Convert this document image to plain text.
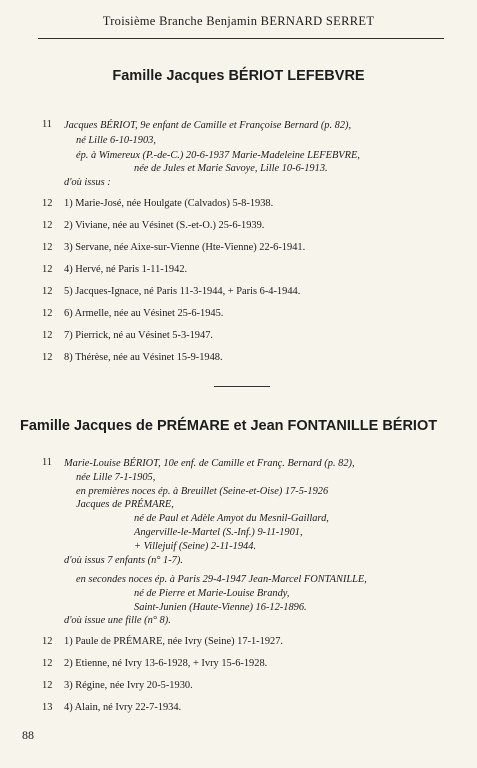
Troisième Branche Benjamin BERNARD SERRET
Famille Jacques BÉRIOT LEFEBVRE
11 Jacques BÉRIOT, 9e enfant de Camille et Françoise Bernard (p. 82),
né Lille 6-10-1903,
ép. à Wimereux (P.-de-C.) 20-6-1937 Marie-Madeleine LEFEBVRE,
née de Jules et Marie Savoye, Lille 10-6-1913.
d'où issus :
12 1) Marie-José, née Houlgate (Calvados) 5-8-1938.
12 2) Viviane, née au Vésinet (S.-et-O.) 25-6-1939.
12 3) Servane, née Aixe-sur-Vienne (Hte-Vienne) 22-6-1941.
12 4) Hervé, né Paris 1-11-1942.
12 5) Jacques-Ignace, né Paris 11-3-1944, + Paris 6-4-1944.
12 6) Armelle, née au Vésinet 25-6-1945.
12 7) Pierrick, né au Vésinet 5-3-1947.
12 8) Thérèse, née au Vésinet 15-9-1948.
Famille Jacques de PRÉMARE et Jean FONTANILLE BÉRIOT
11 Marie-Louise BÉRIOT, 10e enf. de Camille et Franç. Bernard (p. 82),
née Lille 7-1-1905,
en premières noces ép. à Breuillet (Seine-et-Oise) 17-5-1926
Jacques de PRÉMARE,
né de Paul et Adèle Amyot du Mesnil-Gaillard,
Angerville-le-Martel (S.-Inf.) 9-11-1901,
+ Villejuif (Seine) 2-11-1944.
d'où issus 7 enfants (n° 1-7).
en secondes noces ép. à Paris 29-4-1947 Jean-Marcel FONTANILLE,
né de Pierre et Marie-Louise Brandy,
Saint-Junien (Haute-Vienne) 16-12-1896.
d'où issue une fille (n° 8).
12 1) Paule de PRÉMARE, née Ivry (Seine) 17-1-1927.
12 2) Etienne, né Ivry 13-6-1928, + Ivry 15-6-1928.
12 3) Régine, née Ivry 20-5-1930.
13 4) Alain, né Ivry 22-7-1934.
88
